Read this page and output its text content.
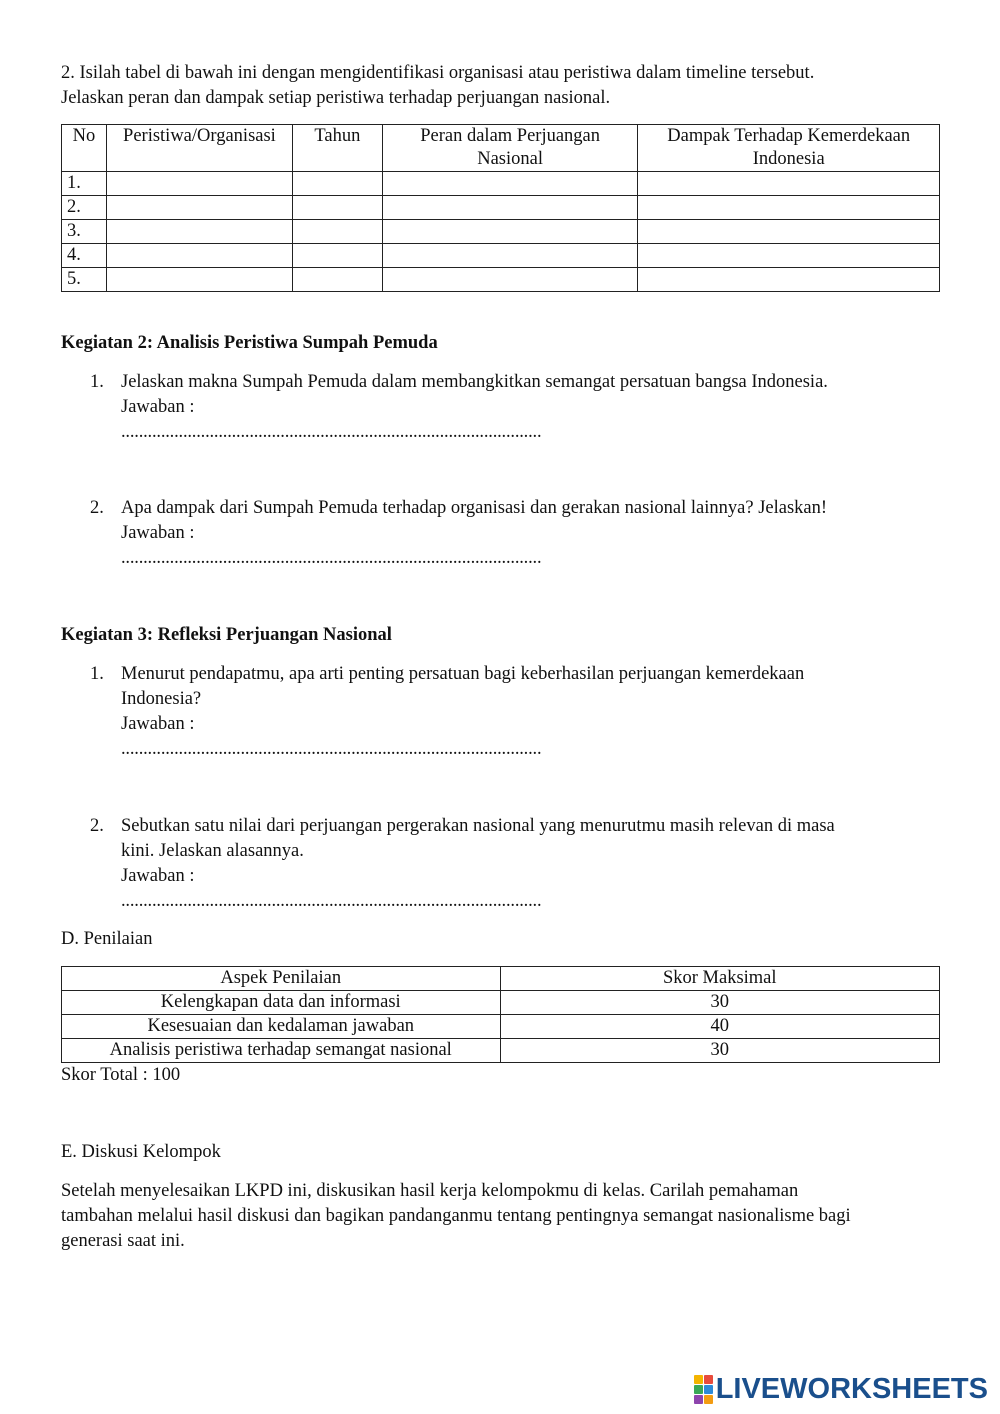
2. Isilah tabel di bawah ini dengan mengidentifikasi organisasi atau peristiwa dalam timeline tersebut.
Jelaskan peran dan dampak setiap peristiwa terhadap perjuangan nasional.
No	Peristiwa/Organisasi	Tahun	Peran dalam Perjuangan Nasional	Dampak Terhadap Kemerdekaan Indonesia
1.				
2.				
3.				
4.				
5.				
Kegiatan 2: Analisis Peristiwa Sumpah Pemuda
1. Jelaskan makna Sumpah Pemuda dalam membangkitkan semangat persatuan bangsa Indonesia.
Jawaban :
...............................................................................................
2. Apa dampak dari Sumpah Pemuda terhadap organisasi dan gerakan nasional lainnya? Jelaskan!
Jawaban :
...............................................................................................
Kegiatan 3: Refleksi Perjuangan Nasional
1. Menurut pendapatmu, apa arti penting persatuan bagi keberhasilan perjuangan kemerdekaan
Indonesia?
Jawaban :
...............................................................................................
2. Sebutkan satu nilai dari perjuangan pergerakan nasional yang menurutmu masih relevan di masa
kini. Jelaskan alasannya.
Jawaban :
...............................................................................................
D. Penilaian
Aspek Penilaian	Skor Maksimal
Kelengkapan data dan informasi	30
Kesesuaian dan kedalaman jawaban	40
Analisis peristiwa terhadap semangat nasional	30
Skor Total : 100
E. Diskusi Kelompok
Setelah menyelesaikan LKPD ini, diskusikan hasil kerja kelompokmu di kelas. Carilah pemahaman
tambahan melalui hasil diskusi dan bagikan pandanganmu tentang pentingnya semangat nasionalisme bagi
generasi saat ini.
LIVEWORKSHEETS
